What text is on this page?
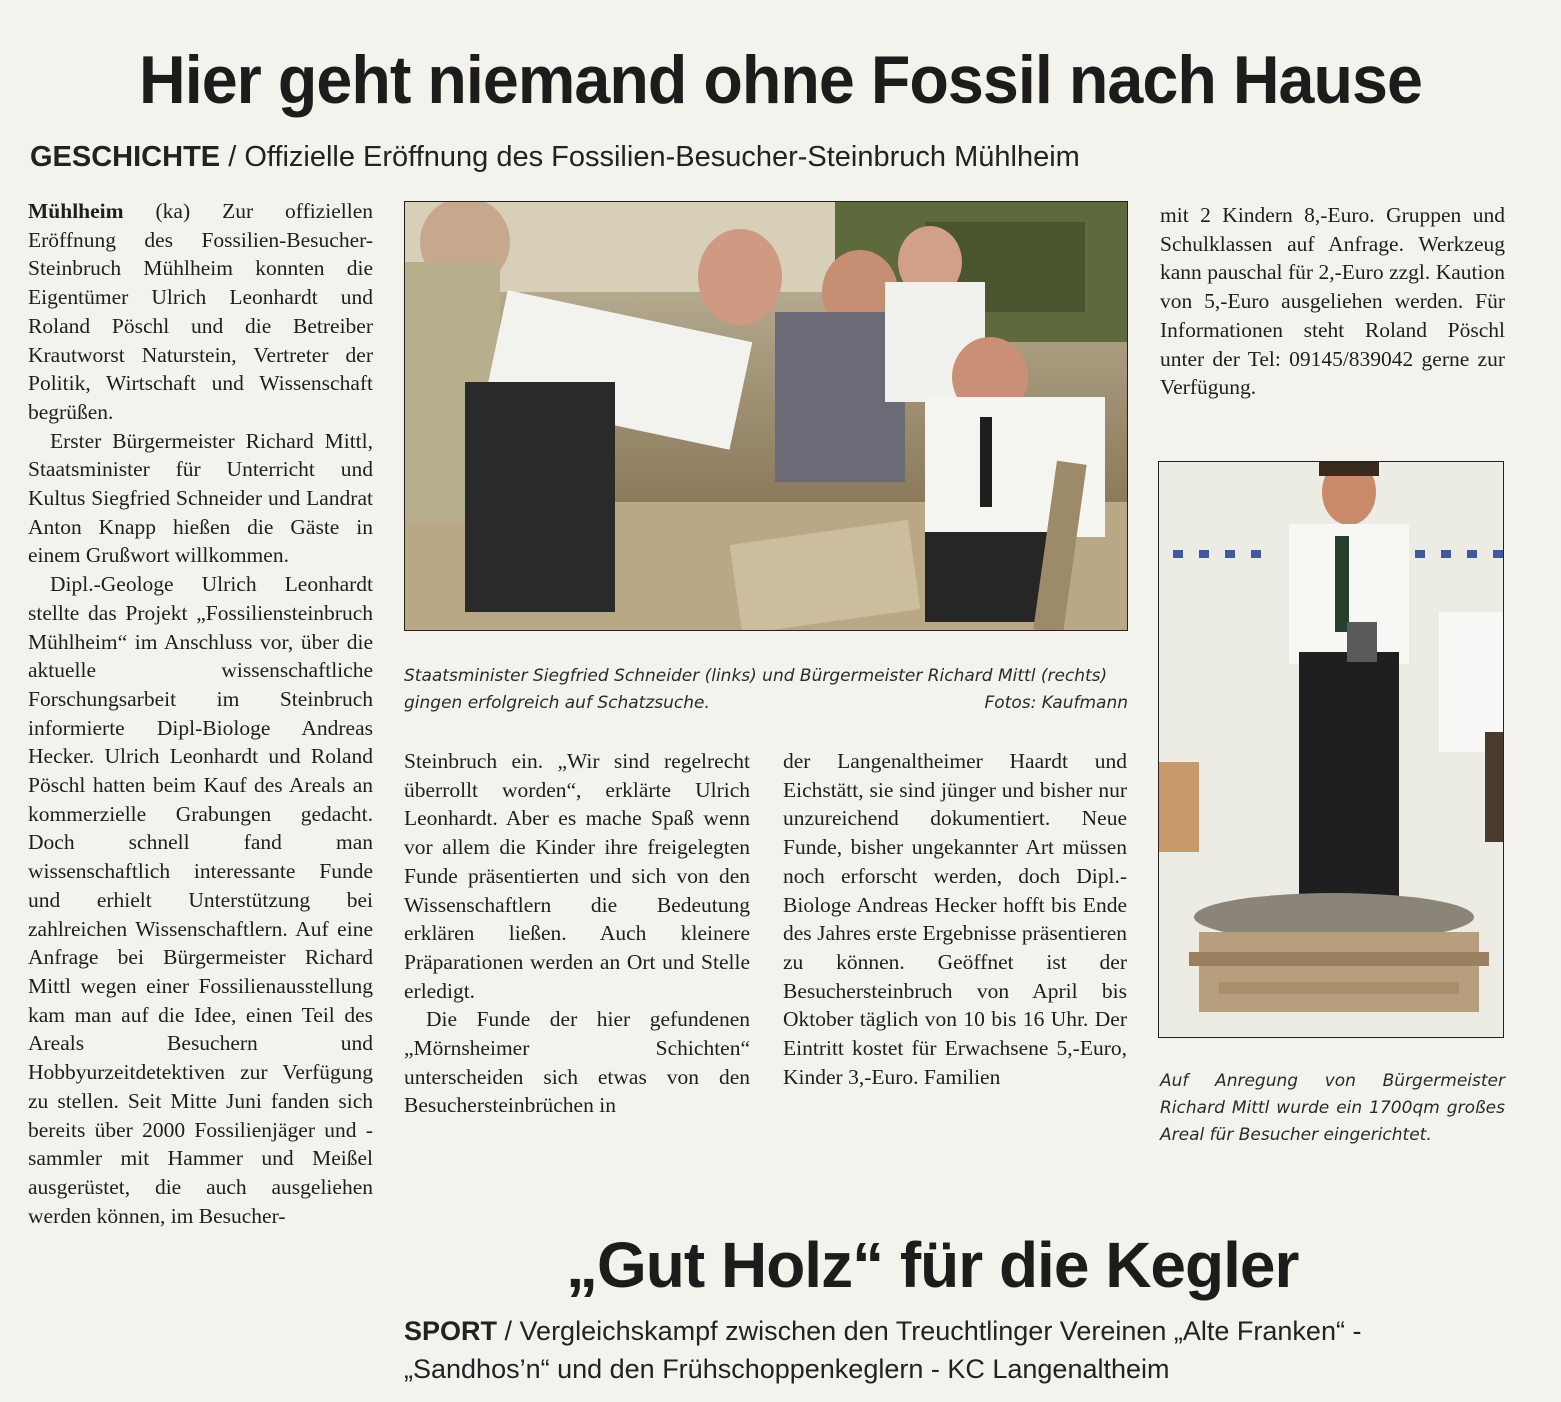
Hier geht niemand ohne Fossil nach Hause

GESCHICHTE / Offizielle Eröffnung des Fossilien-Besucher-Steinbruch Mühlheim

Mühlheim (ka) Zur offiziellen Eröffnung des Fossilien-Besucher-Steinbruch Mühlheim konnten die Eigentümer Ulrich Leonhardt und Roland Pöschl und die Betreiber Krautworst Naturstein, Vertreter der Politik, Wirtschaft und Wissenschaft begrüßen.

Erster Bürgermeister Richard Mittl, Staatsminister für Unterricht und Kultus Siegfried Schneider und Landrat Anton Knapp hießen die Gäste in einem Grußwort willkommen.

Dipl.-Geologe Ulrich Leonhardt stellte das Projekt „Fossiliensteinbruch Mühlheim“ im Anschluss vor, über die aktuelle wissenschaftliche Forschungsarbeit im Steinbruch informierte Dipl-Biologe Andreas Hecker. Ulrich Leonhardt und Roland Pöschl hatten beim Kauf des Areals an kommerzielle Grabungen gedacht. Doch schnell fand man wissenschaftlich interessante Funde und erhielt Unterstützung bei zahlreichen Wissenschaftlern. Auf eine Anfrage bei Bürgermeister Richard Mittl wegen einer Fossilienausstellung kam man auf die Idee, einen Teil des Areals Besuchern und Hobbyurzeitdetektiven zur Verfügung zu stellen. Seit Mitte Juni fanden sich bereits über 2000 Fossilienjäger und -sammler mit Hammer und Meißel ausgerüstet, die auch ausgeliehen werden können, im Besucher-

Staatsminister Siegfried Schneider (links) und Bürgermeister Richard Mittl (rechts)
gingen erfolgreich auf Schatzsuche.	Fotos: Kaufmann

Steinbruch ein. „Wir sind regelrecht überrollt worden“, erklärte Ulrich Leonhardt. Aber es mache Spaß wenn vor allem die Kinder ihre freigelegten Funde präsentierten und sich von den Wissenschaftlern die Bedeutung erklären ließen. Auch kleinere Präparationen werden an Ort und Stelle erledigt.

Die Funde der hier gefundenen „Mörnsheimer Schichten“ unterscheiden sich etwas von den Besuchersteinbrüchen in

der Langenaltheimer Haardt und Eichstätt, sie sind jünger und bisher nur unzureichend dokumentiert. Neue Funde, bisher ungekannter Art müssen noch erforscht werden, doch Dipl.-Biologe Andreas Hecker hofft bis Ende des Jahres erste Ergebnisse präsentieren zu können. Geöffnet ist der Besuchersteinbruch von April bis Oktober täglich von 10 bis 16 Uhr. Der Eintritt kostet für Erwachsene 5,-Euro, Kinder 3,-Euro. Familien

mit 2 Kindern 8,-Euro. Gruppen und Schulklassen auf Anfrage. Werkzeug kann pauschal für 2,-Euro zzgl. Kaution von 5,-Euro ausgeliehen werden. Für Informationen steht Roland Pöschl unter der Tel: 09145/839042 gerne zur Verfügung.

Auf Anregung von Bürgermeister Richard Mittl wurde ein 1700qm großes Areal für Besucher eingerichtet.

„Gut Holz“ für die Kegler

SPORT / Vergleichskampf zwischen den Treuchtlinger Vereinen „Alte Franken“ -
„Sandhos’n“ und den Frühschoppenkeglern - KC Langenaltheim
